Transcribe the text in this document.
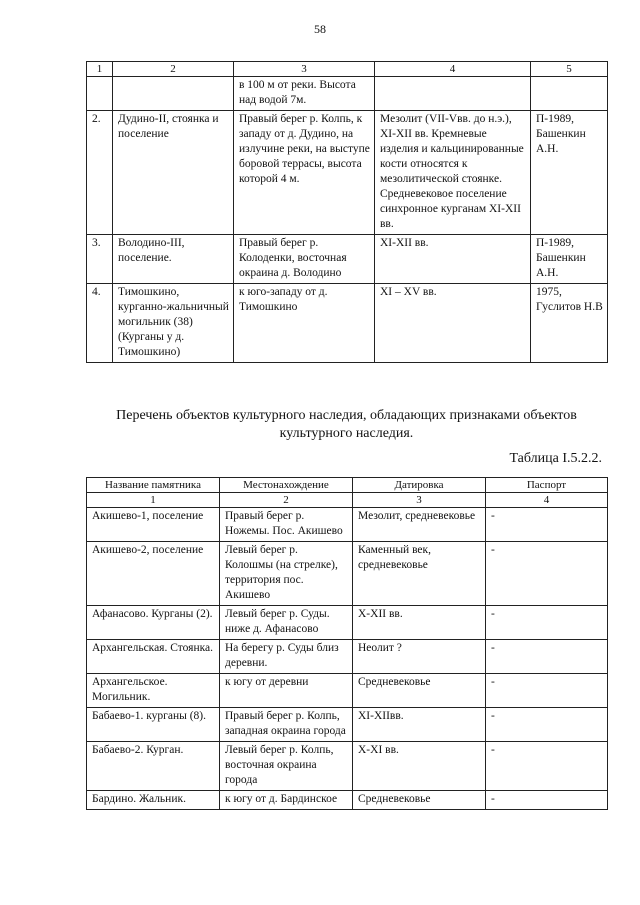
58
1	2	3	4	5
		в 100 м от реки. Высота над водой 7м.		
2.	Дудино-II, стоянка и поселение	Правый берег р. Колпь, к западу от д. Дудино, на излучине реки, на выступе боровой террасы, высота которой 4 м.	Мезолит (VII-Vвв. до н.э.), XI-XII вв. Кремневые изделия и кальцинированные кости относятся к мезолитической стоянке. Средневековое поселение синхронное курганам XI-XII вв.	П-1989, Башенкин А.Н.
3.	Володино-III, поселение.	Правый берег р. Колоденки, восточная окраина д. Володино	XI-XII вв.	П-1989, Башенкин А.Н.
4.	Тимошкино, курганно-жальничный могильник (38)(Курганы у д. Тимошкино)	к юго-западу от д. Тимошкино	XI – XV вв.	1975, Гуслитов Н.В
Перечень объектов культурного наследия, обладающих признаками объектов культурного наследия.
Таблица I.5.2.2.
Название памятника	Местонахождение	Датировка	Паспорт
1	2	3	4
Акишево-1, поселение	Правый берег р. Ножемы. Пос. Акишево	Мезолит, средневековье	-
Акишево-2, поселение	Левый берег р. Колошмы (на стрелке), территория пос. Акишево	Каменный век, средневековье	-
Афанасово. Курганы (2).	Левый берег р. Суды. ниже д. Афанасово	X-XII вв.	-
Архангельская. Стоянка.	На берегу р. Суды близ деревни.	Неолит ?	-
Архангельское. Могильник.	к югу от деревни	Средневековье	-
Бабаево-1. курганы (8).	Правый берег р. Колпь, западная окраина города	XI-XIIвв.	-
Бабаево-2. Курган.	Левый берег р. Колпь, восточная окраина города	X-XI вв.	-
Бардино. Жальник.	к югу от д. Бардинское	Средневековье	-
